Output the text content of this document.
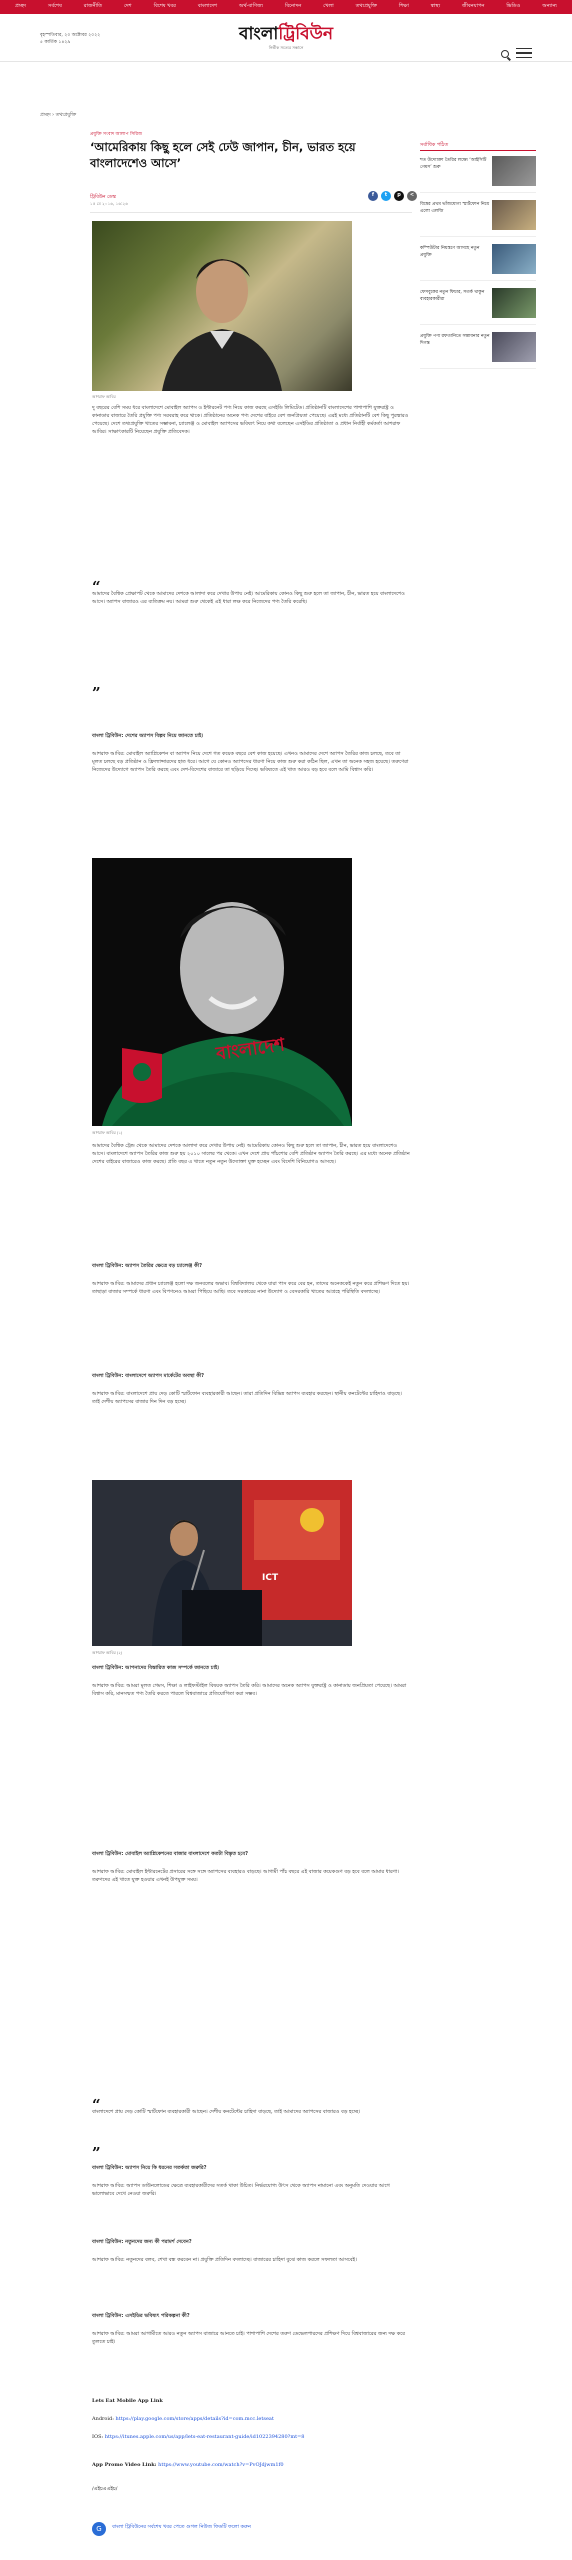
প্রচ্ছদ	সর্বশেষ	রাজনীতি	দেশ	বিশেষ খবর	বাংলাদেশ	অর্থ-বাণিজ্য	বিনোদন	খেলা	তথ্যপ্রযুক্তি	শিক্ষা	স্বাস্থ্য	জীবনযাপন	ভিডিও	অন্যান্য
বৃহস্পতিবার, ২০ অক্টোবর ২০২২
৫ কার্তিক ১৪২৯	বাংলাট্রিবিউন
নির্ভীক সত্যের সন্ধানে
প্রচ্ছদ › তথ্যপ্রযুক্তি
প্রযুক্তি সংবাদ আলাপ সিরিজ
‘আমেরিকায় কিছু হলে সেই ঢেউ জাপান, চীন, ভারত হয়ে বাংলাদেশেও আসে’
ট্রিবিউন ডেস্ক
১৫ মে ২০১৬, ১৬:২৬
f	t	p	<
আশরাফ আবির

দু বছরের বেশি সময় ধরে বাংলাদেশে মোবাইল অ্যাপস ও ইন্টারনেট পণ্য নিয়ে কাজ করছে এসইডি লিমিটেড। প্রতিষ্ঠানটি বাংলাদেশের পাশাপাশি যুক্তরাষ্ট্র ও কানাডার বাজারে তৈরি প্রযুক্তি পণ্য সরবরাহ করে থাকে। প্রতিষ্ঠানের অনেক পণ্য দেশের বাইরে বেশ জনপ্রিয়তা পেয়েছে। এরই মধ্যে প্রতিষ্ঠানটি বেশ কিছু পুরস্কারও পেয়েছে। দেশে তথ্যপ্রযুক্তি খাতের সম্ভাবনা, চ্যালেঞ্জ ও মোবাইল অ্যাপসের ভবিষ্যৎ নিয়ে কথা বলেছেন এসইডির প্রতিষ্ঠাতা ও প্রধান নির্বাহী কর্মকর্তা আশরাফ আবির। সাক্ষাৎকারটি নিয়েছেন প্রযুক্তি প্রতিবেদক।

“

আমাদের বৈশ্বিক প্রেক্ষাপট থেকে আমাদের দেশকে আলাদা করে দেখার উপায় নেই। আমেরিকায় কোনও কিছু শুরু হলে তা জাপান, চীন, ভারত হয়ে বাংলাদেশেও আসে। অ্যাপস বাজারও এর ব্যতিক্রম নয়। আমরা শুরু থেকেই এই ধারা লক্ষ করে নিজেদের পণ্য তৈরি করেছি।

”

বাংলা ট্রিবিউন: দেশের অ্যাপস বিল্পব নিয়ে জানতে চাই।

আশরাফ আবির: মোবাইল অ্যাপ্লিকেশন বা অ্যাপস নিয়ে দেশে গত কয়েক বছরে বেশ কাজ হয়েছে। এখনও আমাদের দেশে অ্যাপস তৈরির কাজ চলছে, তবে তা মূলত চলছে বড় প্রতিষ্ঠান ও ফ্রিল্যান্সারদের হাত ধরে। আগে যে কোনও অ্যাপসের ধারণা নিয়ে কাজ শুরু করা কঠিন ছিল, এখন তা অনেক সহজ হয়েছে। তরুণেরা নিজেদের উদ্যোগে অ্যাপস তৈরি করছে এবং দেশ-বিদেশের বাজারে তা ছড়িয়ে দিচ্ছে। ভবিষ্যতে এই খাত আরও বড় হবে বলে আমি বিশ্বাস করি।

বাংলাদেশ
আশরাফ আবির (১)

আমাদের বৈশ্বিক ট্রেন্ড থেকে আমাদের দেশকে আলাদা করে দেখার উপায় নেই। আমেরিকায় কোনও কিছু শুরু হলে তা জাপান, চীন, ভারত হয়ে বাংলাদেশেও আসে। বাংলাদেশে অ্যাপস তৈরির কাজ শুরু হয় ২০১০ সালের পর থেকে। এখন দেশে প্রায় পাঁচশোর বেশি প্রতিষ্ঠান অ্যাপস তৈরি করছে। এর মধ্যে অনেক প্রতিষ্ঠান দেশের বাইরের বাজারেও কাজ করছে। প্রতি বছর এ খাতে নতুন নতুন উদ্যোক্তা যুক্ত হচ্ছেন এবং বিদেশি বিনিয়োগও আসছে।

বাংলা ট্রিবিউন: অ্যাপস তৈরির ক্ষেত্রে বড় চ্যালেঞ্জ কী?

আশরাফ আবির: আমাদের প্রধান চ্যালেঞ্জ হলো দক্ষ জনবলের অভাব। বিশ্ববিদ্যালয় থেকে যারা পাস করে বের হন, তাদের অনেককেই নতুন করে প্রশিক্ষণ দিতে হয়। তাছাড়া বাজার সম্পর্কে ধারণা এবং বিপণনেও আমরা পিছিয়ে আছি। তবে সরকারের নানা উদ্যোগ ও বেসরকারি খাতের আগ্রহে পরিস্থিতি বদলাচ্ছে।

বাংলা ট্রিবিউন: বাংলাদেশে অ্যাপস মার্কেটের অবস্থা কী?

আশরাফ আবির: বাংলাদেশে প্রায় দেড় কোটি স্মার্টফোন ব্যবহারকারী আছেন। তারা প্রতিদিন বিভিন্ন অ্যাপস ব্যবহার করছেন। স্থানীয় কনটেন্টের চাহিদাও বাড়ছে। তাই দেশীয় অ্যাপসের বাজার দিন দিন বড় হচ্ছে।

ICT
আশরাফ আবির (২)

বাংলা ট্রিবিউন: আপনাদের বিস্তারিত কাজ সম্পর্কে জানতে চাই।

আশরাফ আবির: আমরা মূলত গেমস, শিক্ষা ও লাইফস্টাইল বিষয়ক অ্যাপস তৈরি করি। আমাদের অনেক অ্যাপস যুক্তরাষ্ট্র ও কানাডায় জনপ্রিয়তা পেয়েছে। আমরা বিশ্বাস করি, মানসম্মত পণ্য তৈরি করতে পারলে বিশ্ববাজারে প্রতিযোগিতা করা সম্ভব।

বাংলা ট্রিবিউন: মোবাইল অ্যাপ্লিকেশনের বাজার বাংলাদেশে কতটা বিস্তৃত হবে?

আশরাফ আবির: মোবাইল ইন্টারনেটের প্রসারের সঙ্গে সঙ্গে অ্যাপসের ব্যবহারও বাড়ছে। আগামী পাঁচ বছরে এই বাজার কয়েকগুণ বড় হবে বলে আমার ধারণা। তরুণদের এই খাতে যুক্ত হওয়ার এখনই উপযুক্ত সময়।

“

বাংলাদেশে প্রায় দেড় কোটি স্মার্টফোন ব্যবহারকারী আছেন। দেশীয় কনটেন্টের চাহিদা বাড়ছে, তাই আমাদের অ্যাপসের বাজারও বড় হচ্ছে।

”

বাংলা ট্রিবিউন: অ্যাপস নিয়ে কি ধরনের সতর্কতা জরুরি?

আশরাফ আবির: অ্যাপস ডাউনলোডের ক্ষেত্রে ব্যবহারকারীদের সতর্ক থাকা উচিত। নির্ভরযোগ্য উৎস থেকে অ্যাপস নামানো এবং অনুমতি দেওয়ার আগে ভালোভাবে দেখে নেওয়া জরুরি।

বাংলা ট্রিবিউন: নতুনদের জন্য কী পরামর্শ দেবেন?

আশরাফ আবির: নতুনদের বলব, শেখা বন্ধ করবেন না। প্রযুক্তি প্রতিদিন বদলাচ্ছে। বাজারের চাহিদা বুঝে কাজ করলে সফলতা আসবেই।

বাংলা ট্রিবিউন: এসইডির ভবিষ্যৎ পরিকল্পনা কী?

আশরাফ আবির: আমরা আগামীতে আরও নতুন অ্যাপস বাজারে আনতে চাই। পাশাপাশি দেশের তরুণ ডেভেলপারদের প্রশিক্ষণ দিয়ে বিশ্ববাজারের জন্য দক্ষ করে তুলতে চাই।

Lets Eat Mobile App Link
Android: https://play.google.com/store/apps/details?id=com.mcc.letseat
IOS: https://itunes.apple.com/us/app/lets-eat-restaurant-guide/id1022394280?mt=8
App Promo Video Link: https://www.youtube.com/watch?v=PvOJdjwm1f0
/এইচএএইচ/
G	বাংলা ট্রিবিউনের সর্বশেষ খবর পেতে গুগল নিউজ ফিডটি ফলো করুন
সর্বাধিক পঠিত
শত উদ্যোক্তা তৈরির লক্ষ্যে ‘আইসিটি গেমস’ শুরু
বিশ্বের প্রথম ভাঁজযোগ্য স্মার্টফোন নিয়ে এলো এলজি
কম্পিউটার নিয়ন্ত্রণে আসছে নতুন প্রযুক্তি
ফেসবুকের নতুন ফিচার, সতর্ক থাকুন ব্যবহারকারীরা
প্রযুক্তি পণ্য রফতানিতে সম্ভাবনার নতুন দিগন্ত
